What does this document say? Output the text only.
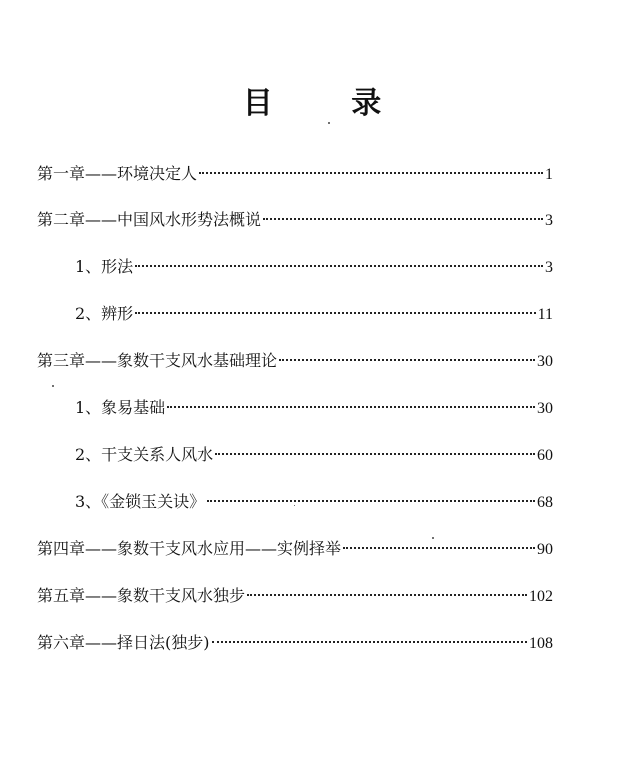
目 录
第一章——环境决定人	1
第二章——中国风水形势法概说	3
1、形法	3
2、辨形	11
第三章——象数干支风水基础理论	30
1、象易基础	30
2、干支关系人风水	60
3、《金锁玉关诀》	68
第四章——象数干支风水应用——实例择举	90
第五章——象数干支风水独步	102
第六章——择日法(独步)	108
